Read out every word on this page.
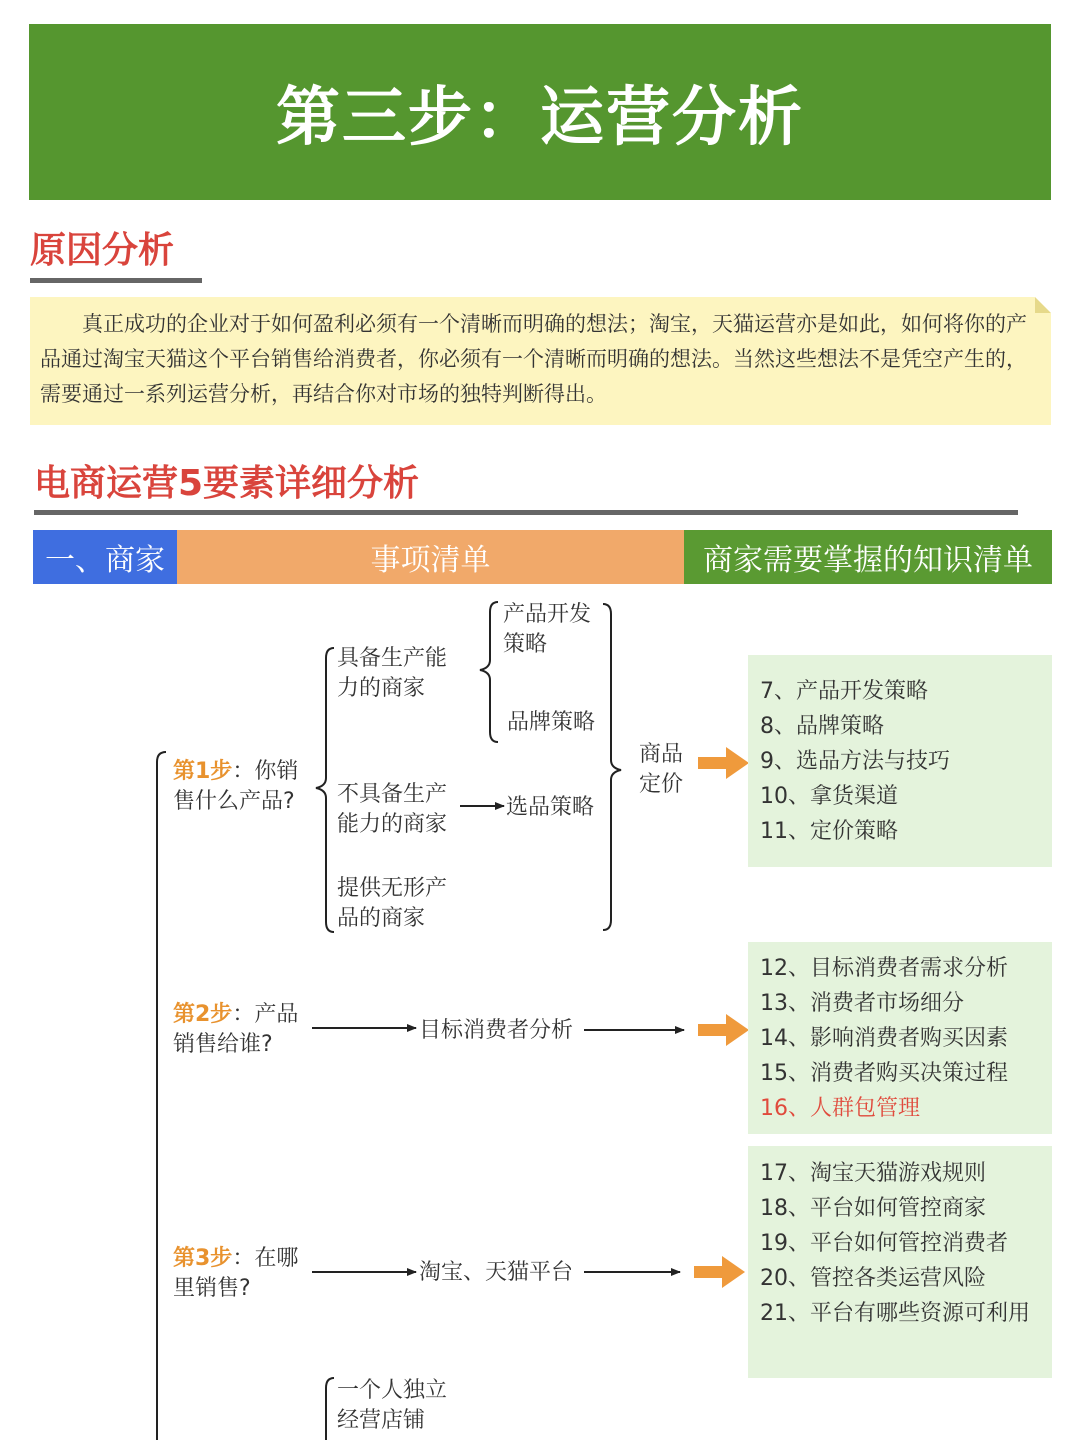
第三步：运营分析
原因分析
真正成功的企业对于如何盈利必须有一个清晰而明确的想法；淘宝，天猫运营亦是如此，如何将你的产品通过淘宝天猫这个平台销售给消费者，你必须有一个清晰而明确的想法。当然这些想法不是凭空产生的，需要通过一系列运营分析，再结合你对市场的独特判断得出。
电商运营5要素详细分析
一、商家	事项清单	商家需要掌握的知识清单
第1步：你销售什么产品?
具备生产能力的商家
不具备生产能力的商家
提供无形产品的商家
产品开发策略
品牌策略
选品策略
商品定价
第2步：产品销售给谁?
目标消费者分析
第3步：在哪里销售?
淘宝、天猫平台
一个人独立经营店铺
7、产品开发策略
8、品牌策略
9、选品方法与技巧
10、拿货渠道
11、定价策略
12、目标消费者需求分析
13、消费者市场细分
14、影响消费者购买因素
15、消费者购买决策过程
16、人群包管理
17、淘宝天猫游戏规则
18、平台如何管控商家
19、平台如何管控消费者
20、管控各类运营风险
21、平台有哪些资源可利用
